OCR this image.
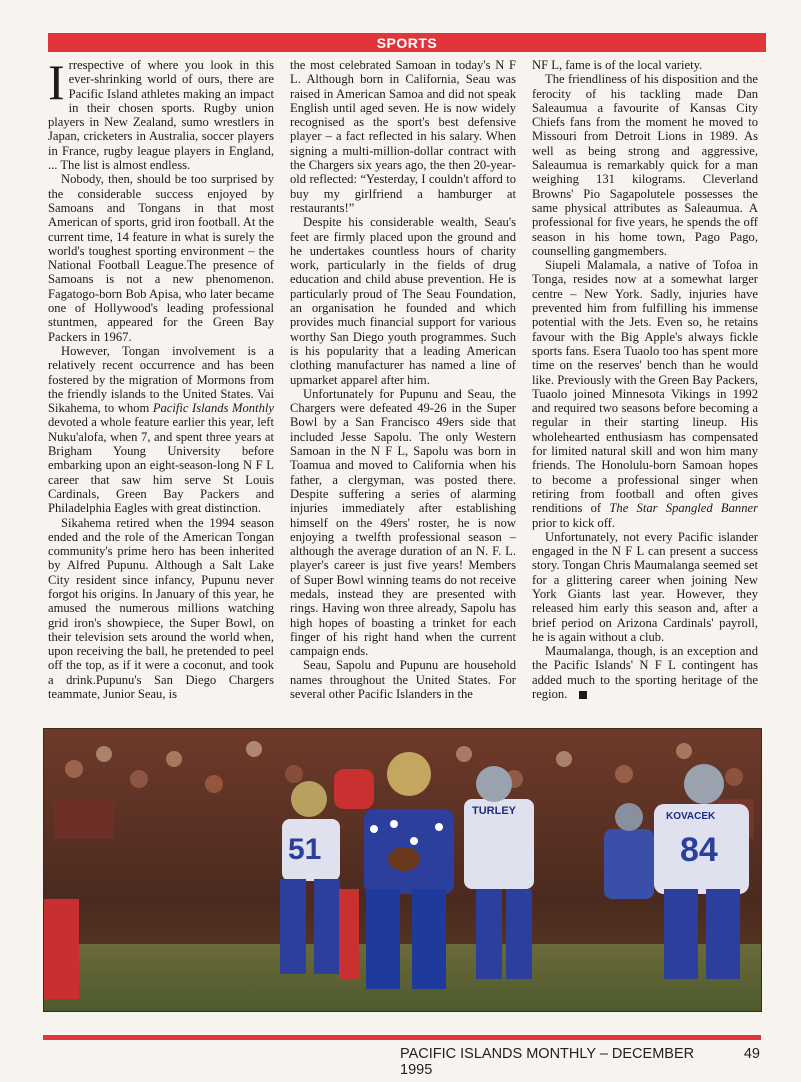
SPORTS

Irrespective of where you look in this ever-shrinking world of ours, there are Pacific Island athletes making an impact in their chosen sports. Rugby union players in New Zealand, sumo wrestlers in Japan, cricketers in Australia, soccer players in France, rugby league players in England, ... The list is almost endless.

Nobody, then, should be too surprised by the considerable success enjoyed by Samoans and Tongans in that most American of sports, grid iron football. At the current time, 14 feature in what is surely the world's toughest sporting environment – the National Football League.The presence of Samoans is not a new phenomenon. Fagatogo-born Bob Apisa, who later became one of Hollywood's leading professional stuntmen, appeared for the Green Bay Packers in 1967.

However, Tongan involvement is a relatively recent occurrence and has been fostered by the migration of Mormons from the friendly islands to the United States. Vai Sikahema, to whom Pacific Islands Monthly devoted a whole feature earlier this year, left Nuku'alofa, when 7, and spent three years at Brigham Young University before embarking upon an eight-season-long N F L career that saw him serve St Louis Cardinals, Green Bay Packers and Philadelphia Eagles with great distinction.

Sikahema retired when the 1994 season ended and the role of the American Tongan community's prime hero has been inherited by Alfred Pupunu. Although a Salt Lake City resident since infancy, Pupunu never forgot his origins. In January of this year, he amused the numerous millions watching grid iron's showpiece, the Super Bowl, on their television sets around the world when, upon receiving the ball, he pretended to peel off the top, as if it were a coconut, and took a drink.Pupunu's San Diego Chargers teammate, Junior Seau, is

the most celebrated Samoan in today's N F L. Although born in California, Seau was raised in American Samoa and did not speak English until aged seven. He is now widely recognised as the sport's best defensive player – a fact reflected in his salary. When signing a multi-million-dollar contract with the Chargers six years ago, the then 20-year-old reflected: “Yesterday, I couldn't afford to buy my girlfriend a hamburger at restaurants!”

Despite his considerable wealth, Seau's feet are firmly placed upon the ground and he undertakes countless hours of charity work, particularly in the fields of drug education and child abuse prevention. He is particularly proud of The Seau Foundation, an organisation he founded and which provides much financial support for various worthy San Diego youth programmes. Such is his popularity that a leading American clothing manufacturer has named a line of upmarket apparel after him.

Unfortunately for Pupunu and Seau, the Chargers were defeated 49-26 in the Super Bowl by a San Francisco 49ers side that included Jesse Sapolu. The only Western Samoan in the N F L, Sapolu was born in Toamua and moved to California when his father, a clergyman, was posted there. Despite suffering a series of alarming injuries immediately after establishing himself on the 49ers' roster, he is now enjoying a twelfth professional season – although the average duration of an N. F. L. player's career is just five years! Members of Super Bowl winning teams do not receive medals, instead they are presented with rings. Having won three already, Sapolu has high hopes of boasting a trinket for each finger of his right hand when the current campaign ends.

Seau, Sapolu and Pupunu are household names throughout the United States. For several other Pacific Islanders in the

NF L, fame is of the local variety.

The friendliness of his disposition and the ferocity of his tackling made Dan Saleaumua a favourite of Kansas City Chiefs fans from the moment he moved to Missouri from Detroit Lions in 1989. As well as being strong and aggressive, Saleaumua is remarkably quick for a man weighing 131 kilograms. Cleverland Browns' Pio Sagapolutele possesses the same physical attributes as Saleaumua. A professional for five years, he spends the off season in his home town, Pago Pago, counselling gangmembers.

Siupeli Malamala, a native of Tofoa in Tonga, resides now at a somewhat larger centre – New York. Sadly, injuries have prevented him from fulfilling his immense potential with the Jets. Even so, he retains favour with the Big Apple's always fickle sports fans. Esera Tuaolo too has spent more time on the reserves' bench than he would like. Previously with the Green Bay Packers, Tuaolo joined Minnesota Vikings in 1992 and required two seasons before becoming a regular in their starting lineup. His wholehearted enthusiasm has compensated for limited natural skill and won him many friends. The Honolulu-born Samoan hopes to become a professional singer when retiring from football and often gives renditions of The Star Spangled Banner prior to kick off.

Unfortunately, not every Pacific islander engaged in the N F L can present a success story. Tongan Chris Maumalanga seemed set for a glittering career when joining New York Giants last year. However, they released him early this season and, after a brief period on Arizona Cardinals' payroll, he is again without a club.

Maumalanga, though, is an exception and the Pacific Islands' N F L contingent has added much to the sporting heritage of the region.

51
TURLEY	KOVACEK
84
PACIFIC ISLANDS MONTHLY – DECEMBER 1995
49
